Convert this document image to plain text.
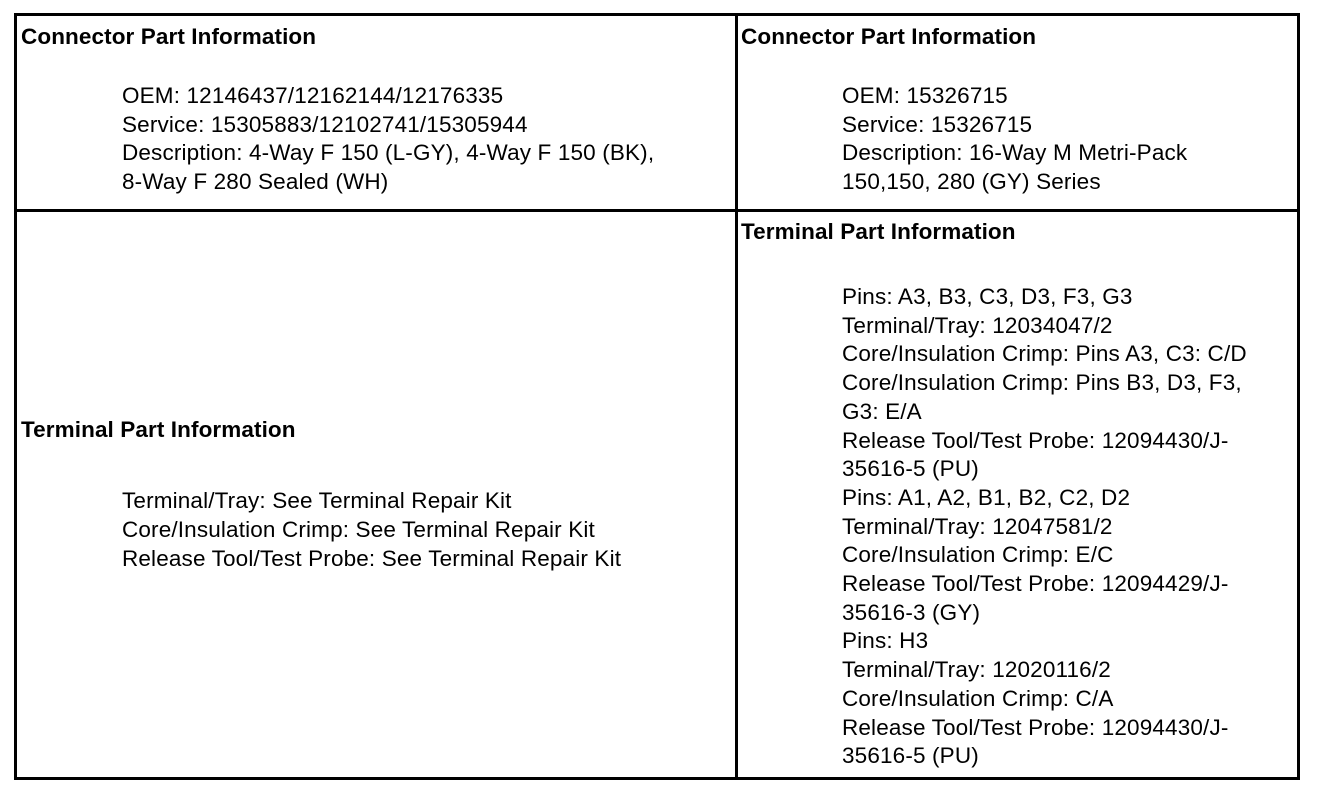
Connector Part Information
OEM: 12146437/12162144/12176335
Service: 15305883/12102741/15305944
Description: 4-Way F 150 (L-GY), 4-Way F 150 (BK),
8-Way F 280 Sealed (WH)
Connector Part Information
OEM: 15326715
Service: 15326715
Description: 16-Way M Metri-Pack
150,150, 280 (GY) Series
Terminal Part Information
Terminal/Tray: See Terminal Repair Kit
Core/Insulation Crimp: See Terminal Repair Kit
Release Tool/Test Probe: See Terminal Repair Kit
Terminal Part Information
Pins: A3, B3, C3, D3, F3, G3
Terminal/Tray: 12034047/2
Core/Insulation Crimp: Pins A3, C3: C/D
Core/Insulation Crimp: Pins B3, D3, F3,
G3: E/A
Release Tool/Test Probe: 12094430/J-
35616-5 (PU)
Pins: A1, A2, B1, B2, C2, D2
Terminal/Tray: 12047581/2
Core/Insulation Crimp: E/C
Release Tool/Test Probe: 12094429/J-
35616-3 (GY)
Pins: H3
Terminal/Tray: 12020116/2
Core/Insulation Crimp: C/A
Release Tool/Test Probe: 12094430/J-
35616-5 (PU)
